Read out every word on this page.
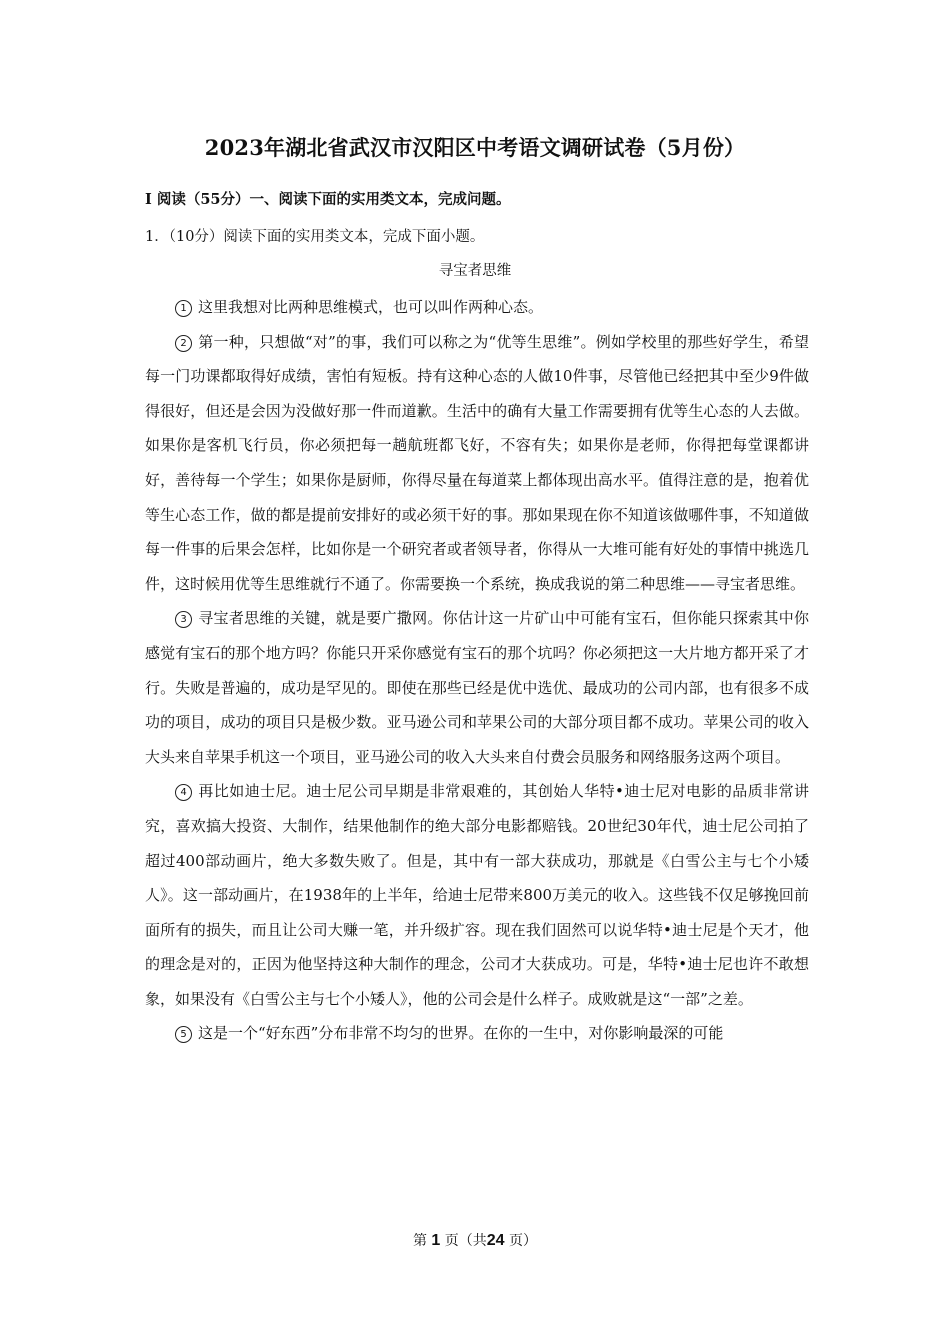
2023年湖北省武汉市汉阳区中考语文调研试卷（5月份）
Ⅰ 阅读（55分）一、阅读下面的实用类文本，完成问题。
1．（10分）阅读下面的实用类文本，完成下面小题。
寻宝者思维

1 这里我想对比两种思维模式，也可以叫作两种心态。

2 第一种，只想做“对”的事，我们可以称之为“优等生思维”。例如学校里的那些好学生，希望每一门功课都取得好成绩，害怕有短板。持有这种心态的人做10件事，尽管他已经把其中至少9件做得很好，但还是会因为没做好那一件而道歉。生活中的确有大量工作需要拥有优等生心态的人去做。如果你是客机飞行员，你必须把每一趟航班都飞好，不容有失；如果你是老师，你得把每堂课都讲好，善待每一个学生；如果你是厨师，你得尽量在每道菜上都体现出高水平。值得注意的是，抱着优等生心态工作，做的都是提前安排好的或必须干好的事。那如果现在你不知道该做哪件事，不知道做每一件事的后果会怎样，比如你是一个研究者或者领导者，你得从一大堆可能有好处的事情中挑选几件，这时候用优等生思维就行不通了。你需要换一个系统，换成我说的第二种思维——寻宝者思维。

3 寻宝者思维的关键，就是要广撒网。你估计这一片矿山中可能有宝石，但你能只探索其中你感觉有宝石的那个地方吗？你能只开采你感觉有宝石的那个坑吗？你必须把这一大片地方都开采了才行。失败是普遍的，成功是罕见的。即使在那些已经是优中选优、最成功的公司内部，也有很多不成功的项目，成功的项目只是极少数。亚马逊公司和苹果公司的大部分项目都不成功。苹果公司的收入大头来自苹果手机这一个项目，亚马逊公司的收入大头来自付费会员服务和网络服务这两个项目。

4 再比如迪士尼。迪士尼公司早期是非常艰难的，其创始人华特•迪士尼对电影的品质非常讲究，喜欢搞大投资、大制作，结果他制作的绝大部分电影都赔钱。20世纪30年代，迪士尼公司拍了超过400部动画片，绝大多数失败了。但是，其中有一部大获成功，那就是《白雪公主与七个小矮人》。这一部动画片，在1938年的上半年，给迪士尼带来800万美元的收入。这些钱不仅足够挽回前面所有的损失，而且让公司大赚一笔，并升级扩容。现在我们固然可以说华特•迪士尼是个天才，他的理念是对的，正因为他坚持这种大制作的理念，公司才大获成功。可是，华特•迪士尼也许不敢想象，如果没有《白雪公主与七个小矮人》，他的公司会是什么样子。成败就是这“一部”之差。

5 这是一个“好东西”分布非常不均匀的世界。在你的一生中，对你影响最深的可能

第 1 页（共24 页）
